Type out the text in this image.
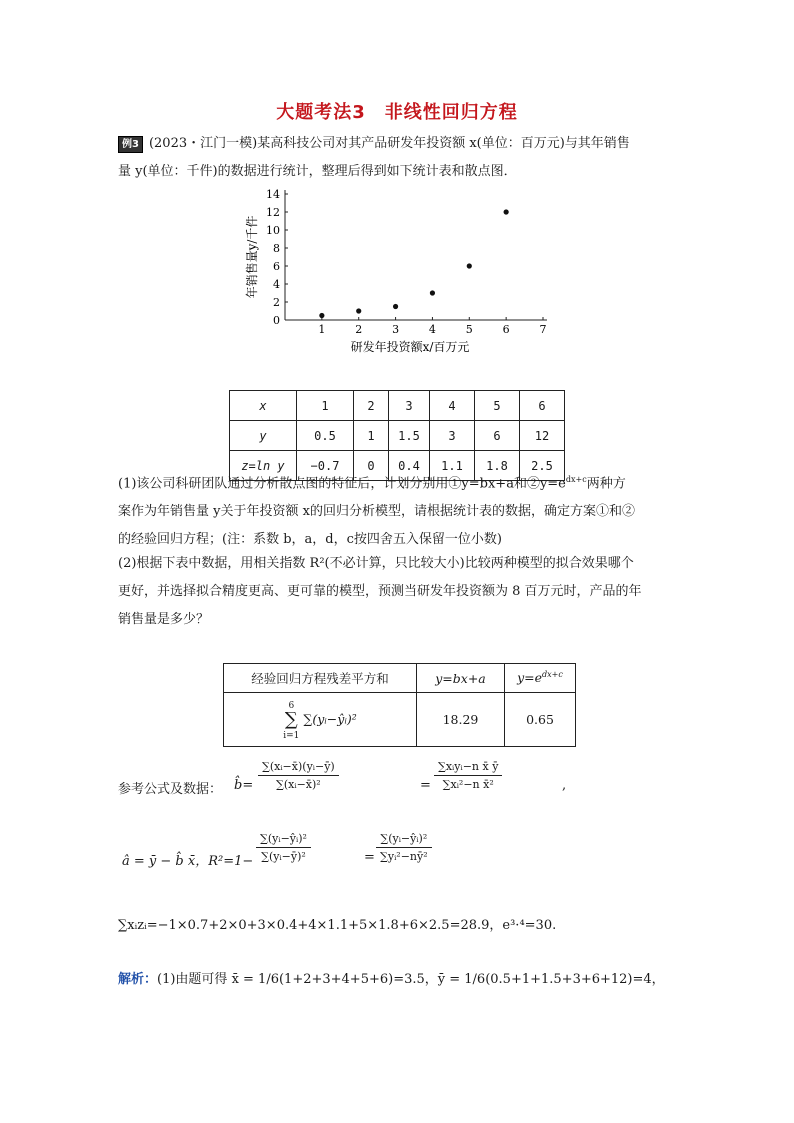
大题考法3　非线性回归方程
例3 (2023・江门一模)某高科技公司对其产品研发年投资额 x(单位：百万元)与其年销售
量 y(单位：千件)的数据进行统计，整理后得到如下统计表和散点图．
1	2	3	4	5	6	7
0
2
4
6
8
10
12
14
研发年投资额x/百万元
年销售量y/千件
x	1	2	3	4	5	6
y	0.5	1	1.5	3	6	12
z=ln y	−0.7	0	0.4	1.1	1.8	2.5
(1)该公司科研团队通过分析散点图的特征后，计划分别用①y=bx+a和$②y=e^{dx+c}$两种方
案作为年销售量 y关于年投资额 x的回归分析模型，请根据统计表的数据，确定方案①和②
的经验回归方程；(注：系数 b，a，d，c按四舍五入保留一位小数)
(2)根据下表中数据，用相关指数 R²(不必计算，只比较大小)比较两种模型的拟合效果哪个
更好，并选择拟合精度更高、更可靠的模型，预测当研发年投资额为 8 百万元时，产品的年
销售量是多少？
经验回归方程残差平方和	y=bx+a	$y=e^{dx+c}$
6
∑
i=1 ∑(yᵢ−ŷᵢ)²	18.29	0.65
参考公式及数据： b̂= $\frac{\text{∑(xᵢ−x̄)(yᵢ−ȳ)}}{\text{∑(xᵢ−x̄)²}}$	=
∑xᵢyᵢ−n x̄ ȳ
∑xᵢ²−n x̄²	,
â = ȳ − b̂ x̄，$R^2=1- \frac{\text{∑(yᵢ−ŷᵢ)²}}{\text{∑(yᵢ−ȳ)²}}$	= $\frac{\text{∑(yᵢ−ŷᵢ)²}}{\text{∑yᵢ²−nȳ²}}$
∑xᵢzᵢ=−1×0.7+2×0+3×0.4+4×1.1+5×1.8+6×2.5=28.9，e³·⁴=30.
解析：(1)由题可得 x̄ = 1/6(1+2+3+4+5+6)=3.5，ȳ = 1/6(0.5+1+1.5+3+6+12)=4，
